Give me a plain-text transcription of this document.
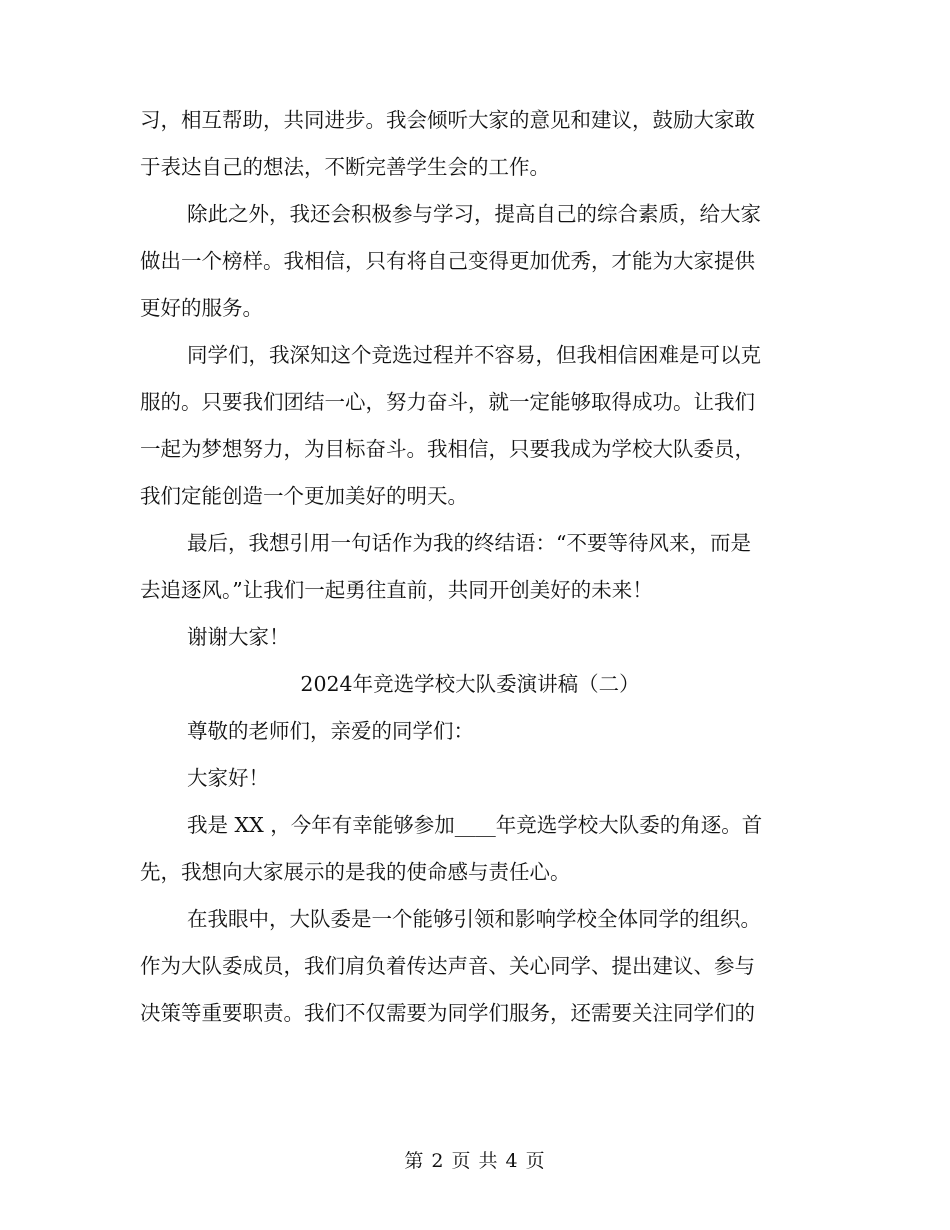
习，相互帮助，共同进步。我会倾听大家的意见和建议，鼓励大家敢
于表达自己的想法，不断完善学生会的工作。
除此之外，我还会积极参与学习，提高自己的综合素质，给大家
做出一个榜样。我相信，只有将自己变得更加优秀，才能为大家提供
更好的服务。
同学们，我深知这个竞选过程并不容易，但我相信困难是可以克
服的。只要我们团结一心，努力奋斗，就一定能够取得成功。让我们
一起为梦想努力，为目标奋斗。我相信，只要我成为学校大队委员，
我们定能创造一个更加美好的明天。
最后，我想引用一句话作为我的终结语：“不要等待风来，而是
去追逐风。”让我们一起勇往直前，共同开创美好的未来！
谢谢大家！
2024年竞选学校大队委演讲稿（二）
尊敬的老师们，亲爱的同学们：
大家好！
我是 XX ，今年有幸能够参加____年竞选学校大队委的角逐。首
先，我想向大家展示的是我的使命感与责任心。
在我眼中，大队委是一个能够引领和影响学校全体同学的组织。
作为大队委成员，我们肩负着传达声音、关心同学、提出建议、参与
决策等重要职责。我们不仅需要为同学们服务，还需要关注同学们的
第 2 页 共 4 页
